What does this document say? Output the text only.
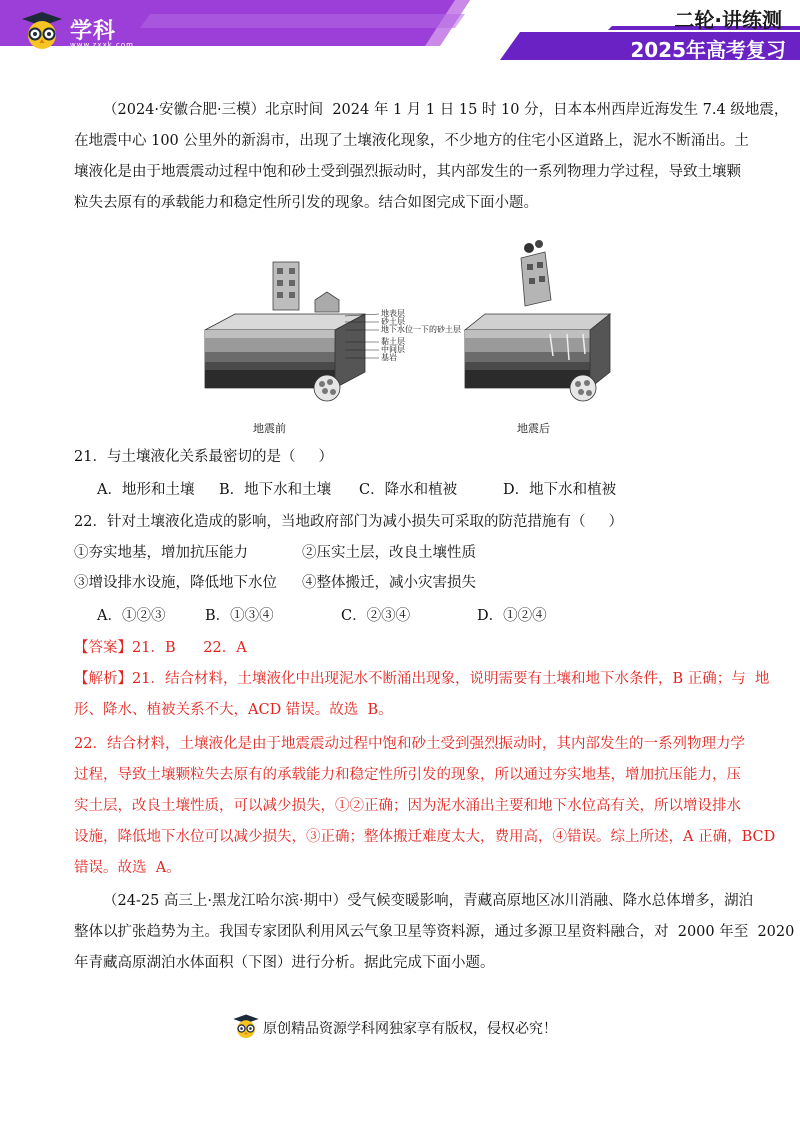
学科网
www.zxxk.com
二轮·讲练测
2025年高考复习
（2024·安徽合肥·三模）北京时间  2024 年 1 月 1 日 15 时 10 分，日本本州西岸近海发生 7.4 级地震，
在地震中心 100 公里外的新潟市，出现了土壤液化现象，不少地方的住宅小区道路上，泥水不断涌出。土
壤液化是由于地震震动过程中饱和砂土受到强烈振动时，其内部发生的一系列物理力学过程，导致土壤颗
粒失去原有的承载能力和稳定性所引发的现象。结合如图完成下面小题。
地表层
砂土层
地下水位一下的砂土层
黏土层
中间层
基岩
地震前	地震后
21．与土壤液化关系最密切的是（     ）
A．地形和土壤 B．地下水和土壤 C．降水和植被	D．地下水和植被
22．针对土壤液化造成的影响，当地政府部门为减小损失可采取的防范措施有（     ）
①夯实地基，增加抗压能力	②压实土层，改良土壤性质
③增设排水设施，降低地下水位 ④整体搬迁，减小灾害损失
A．①②③	B．①③④	C．②③④	D．①②④
【答案】21．B      22．A
【解析】21．结合材料，土壤液化中出现泥水不断涌出现象，说明需要有土壤和地下水条件，B 正确；与  地
形、降水、植被关系不大，ACD 错误。故选  B。
22．结合材料，土壤液化是由于地震震动过程中饱和砂土受到强烈振动时，其内部发生的一系列物理力学
过程，导致土壤颗粒失去原有的承载能力和稳定性所引发的现象，所以通过夯实地基，增加抗压能力，压
实土层，改良土壤性质，可以减少损失，①②正确；因为泥水涌出主要和地下水位高有关，所以增设排水
设施，降低地下水位可以减少损失，③正确；整体搬迁难度太大，费用高，④错误。综上所述，A 正确，BCD
错误。故选  A。
（24-25 高三上·黑龙江哈尔滨·期中）受气候变暖影响，青藏高原地区冰川消融、降水总体增多，湖泊
整体以扩张趋势为主。我国专家团队利用风云气象卫星等资料源，通过多源卫星资料融合，对  2000 年至  2020
年青藏高原湖泊水体面积（下图）进行分析。据此完成下面小题。
原创精品资源学科网独家享有版权，侵权必究！
